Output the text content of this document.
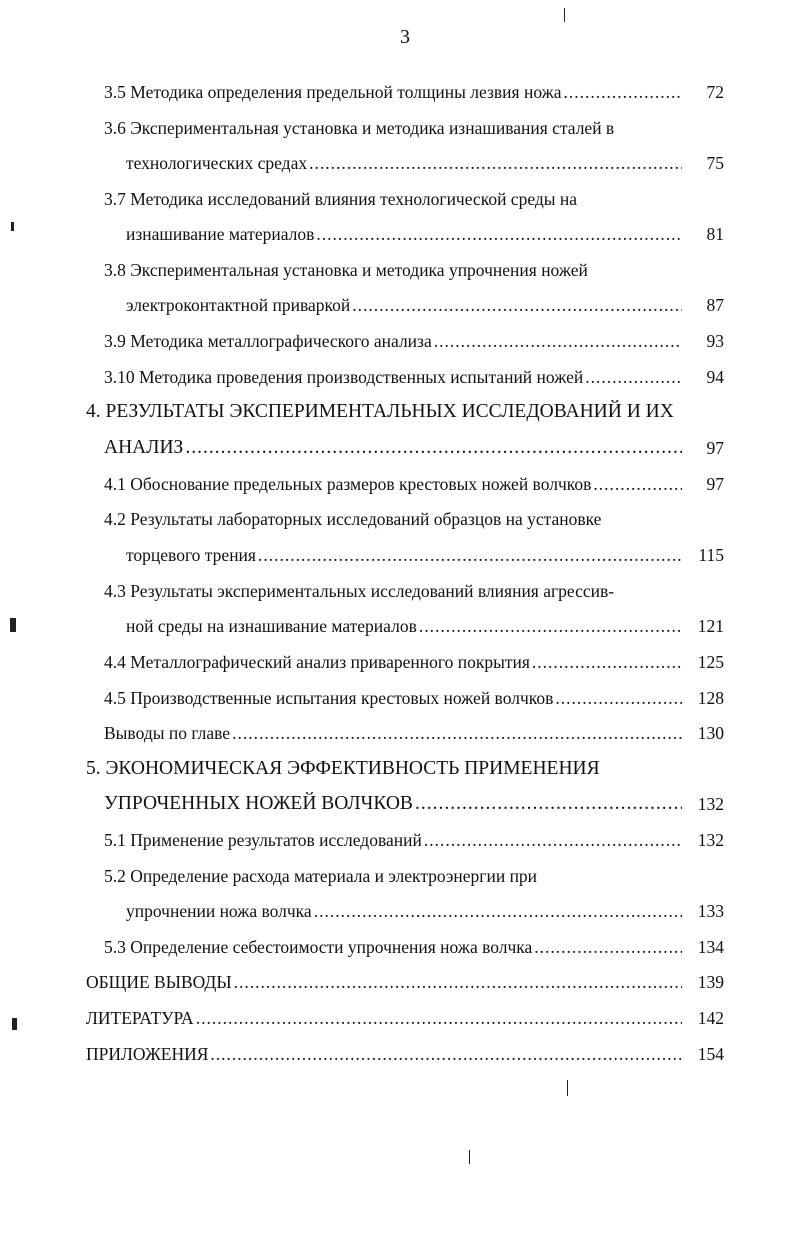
3
3.5 Методика определения предельной толщины лезвия ножа .....	72
3.6 Экспериментальная установка и методика изнашивания сталей в
технологических средах .....	75
3.7 Методика исследований влияния технологической среды на
изнашивание материалов .....	81
3.8 Экспериментальная установка и методика упрочнения ножей
электроконтактной приваркой .....	87
3.9 Методика металлографического анализа .....	93
3.10 Методика проведения производственных испытаний ножей .....	94
4. РЕЗУЛЬТАТЫ ЭКСПЕРИМЕНТАЛЬНЫХ ИССЛЕДОВАНИЙ И ИХ
АНАЛИЗ .....	97
4.1 Обоснование предельных размеров крестовых ножей волчков .....	97
4.2 Результаты лабораторных исследований образцов на установке
торцевого трения .....	115
4.3 Результаты экспериментальных исследований влияния агрессив-
ной среды на изнашивание материалов .....	121
4.4 Металлографический анализ приваренного покрытия .....	125
4.5 Производственные испытания крестовых ножей волчков .....	128
Выводы по главе .....	130
5. ЭКОНОМИЧЕСКАЯ ЭФФЕКТИВНОСТЬ ПРИМЕНЕНИЯ
УПРОЧЕННЫХ НОЖЕЙ ВОЛЧКОВ .....	132
5.1 Применение результатов исследований .....	132
5.2 Определение расхода материала и электроэнергии при
упрочнении ножа волчка .....	133
5.3 Определение себестоимости упрочнения ножа волчка .....	134
ОБЩИЕ ВЫВОДЫ .....	139
ЛИТЕРАТУРА .....	142
ПРИЛОЖЕНИЯ .....	154
